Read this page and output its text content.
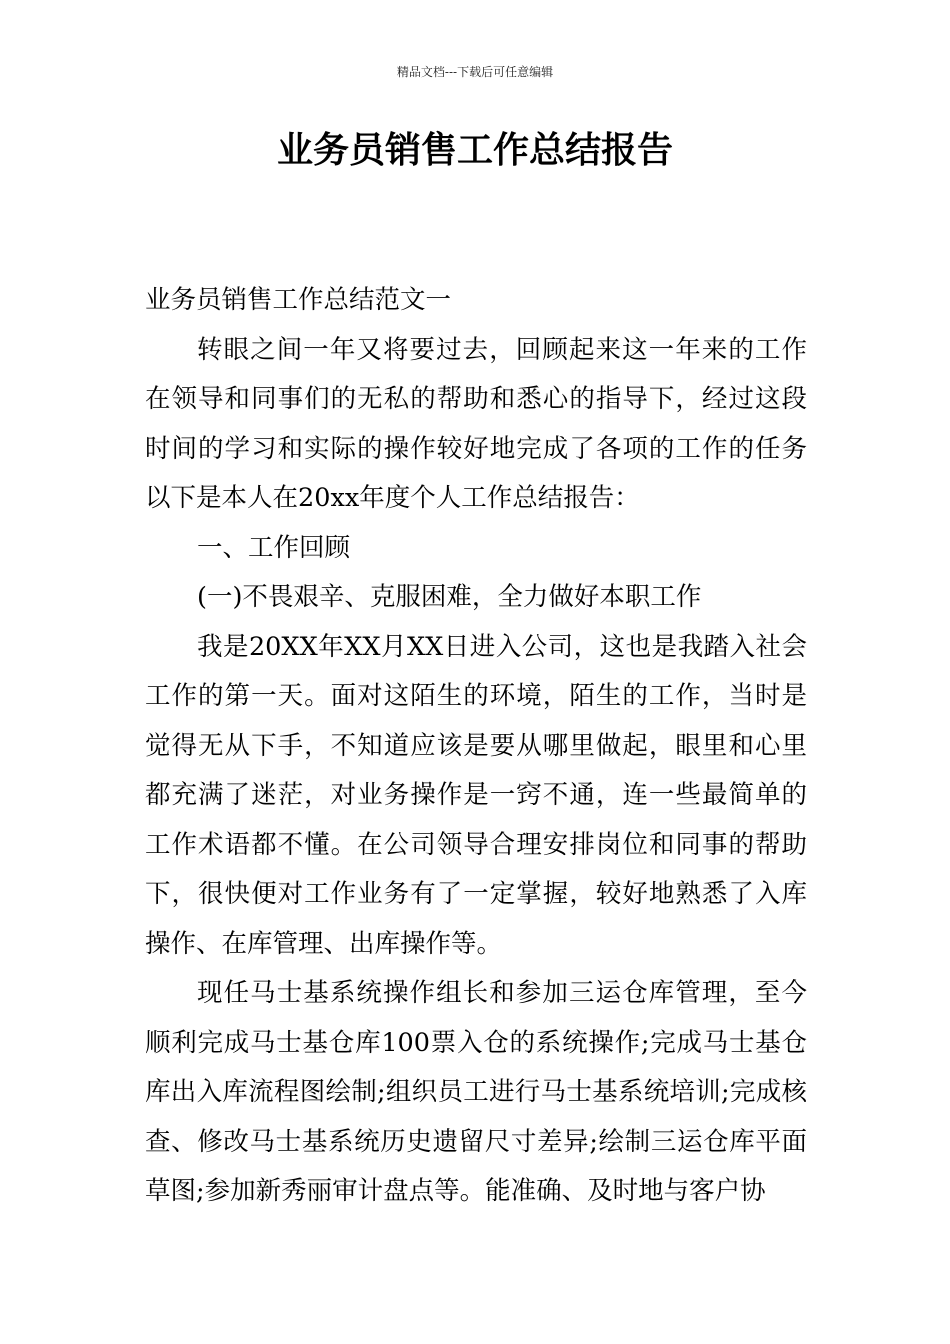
精品文档---下载后可任意编辑
业务员销售工作总结报告

业务员销售工作总结范文一

转眼之间一年又将要过去，回顾起来这一年来的工作在领导和同事们的无私的帮助和悉心的指导下，经过这段时间的学习和实际的操作较好地完成了各项的工作的任务以下是本人在20xx年度个人工作总结报告：

一、工作回顾

(一)不畏艰辛、克服困难，全力做好本职工作

我是20XX年XX月XX日进入公司，这也是我踏入社会工作的第一天。面对这陌生的环境，陌生的工作，当时是觉得无从下手，不知道应该是要从哪里做起，眼里和心里都充满了迷茫，对业务操作是一窍不通，连一些最简单的工作术语都不懂。在公司领导合理安排岗位和同事的帮助下，很快便对工作业务有了一定掌握，较好地熟悉了入库操作、在库管理、出库操作等。

现任马士基系统操作组长和参加三运仓库管理，至今顺利完成马士基仓库100票入仓的系统操作;完成马士基仓库出入库流程图绘制;组织员工进行马士基系统培训;完成核查、修改马士基系统历史遗留尺寸差异;绘制三运仓库平面草图;参加新秀丽审计盘点等。能准确、及时地与客户协
